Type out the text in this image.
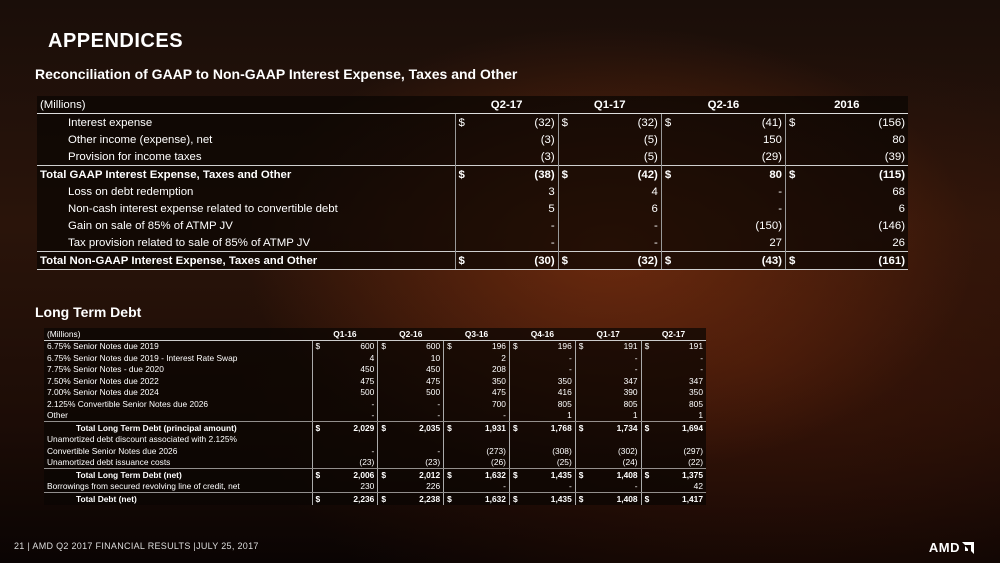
APPENDICES
Reconciliation of GAAP to Non-GAAP Interest Expense, Taxes and Other
(Millions)	Q2-17		Q1-17		Q2-16		2016	
Interest expense	$	(32)	$	(32)	$	(41)	$	(156)
Other income (expense), net		(3)		(5)		150		80
Provision for income taxes		(3)		(5)		(29)		(39)
Total GAAP Interest Expense, Taxes and Other	$	(38)	$	(42)	$	80	$	(115)
Loss on debt redemption		3		4		-		68
Non-cash interest expense related to convertible debt		5		6		-		6
Gain on sale of 85% of ATMP JV		-		-		(150)		(146)
Tax provision related to sale of 85% of ATMP JV		-		-		27		26
Total Non-GAAP Interest Expense, Taxes and Other	$	(30)	$	(32)	$	(43)	$	(161)
Long Term Debt
(Millions)	Q1-16		Q2-16		Q3-16		Q4-16		Q1-17		Q2-17	
6.75% Senior Notes due 2019	$	600	$	600	$	196	$	196	$	191	$	191
6.75% Senior Notes due 2019 - Interest Rate Swap		4		10		2		-		-		-
7.75% Senior Notes - due 2020		450		450		208		-		-		-
7.50% Senior Notes due 2022		475		475		350		350		347		347
7.00% Senior Notes due 2024		500		500		475		416		390		350
2.125% Convertible Senior Notes due 2026		-		-		700		805		805		805
Other		-		-		-		1		1		1
Total Long Term Debt (principal amount)	$	2,029	$	2,035	$	1,931	$	1,768	$	1,734	$	1,694
Unamortized debt discount associated with 2.125%												
Convertible Senior Notes due 2026		-		-		(273)		(308)		(302)		(297)
Unamortized debt issuance costs		(23)		(23)		(26)		(25)		(24)		(22)
Total Long Term Debt (net)	$	2,006	$	2,012	$	1,632	$	1,435	$	1,408	$	1,375
Borrowings from secured revolving line of credit, net		230		226		-		-		-		42
Total Debt (net)	$	2,236	$	2,238	$	1,632	$	1,435	$	1,408	$	1,417
21 | AMD Q2 2017 FINANCIAL RESULTS |JULY 25, 2017	AMD
